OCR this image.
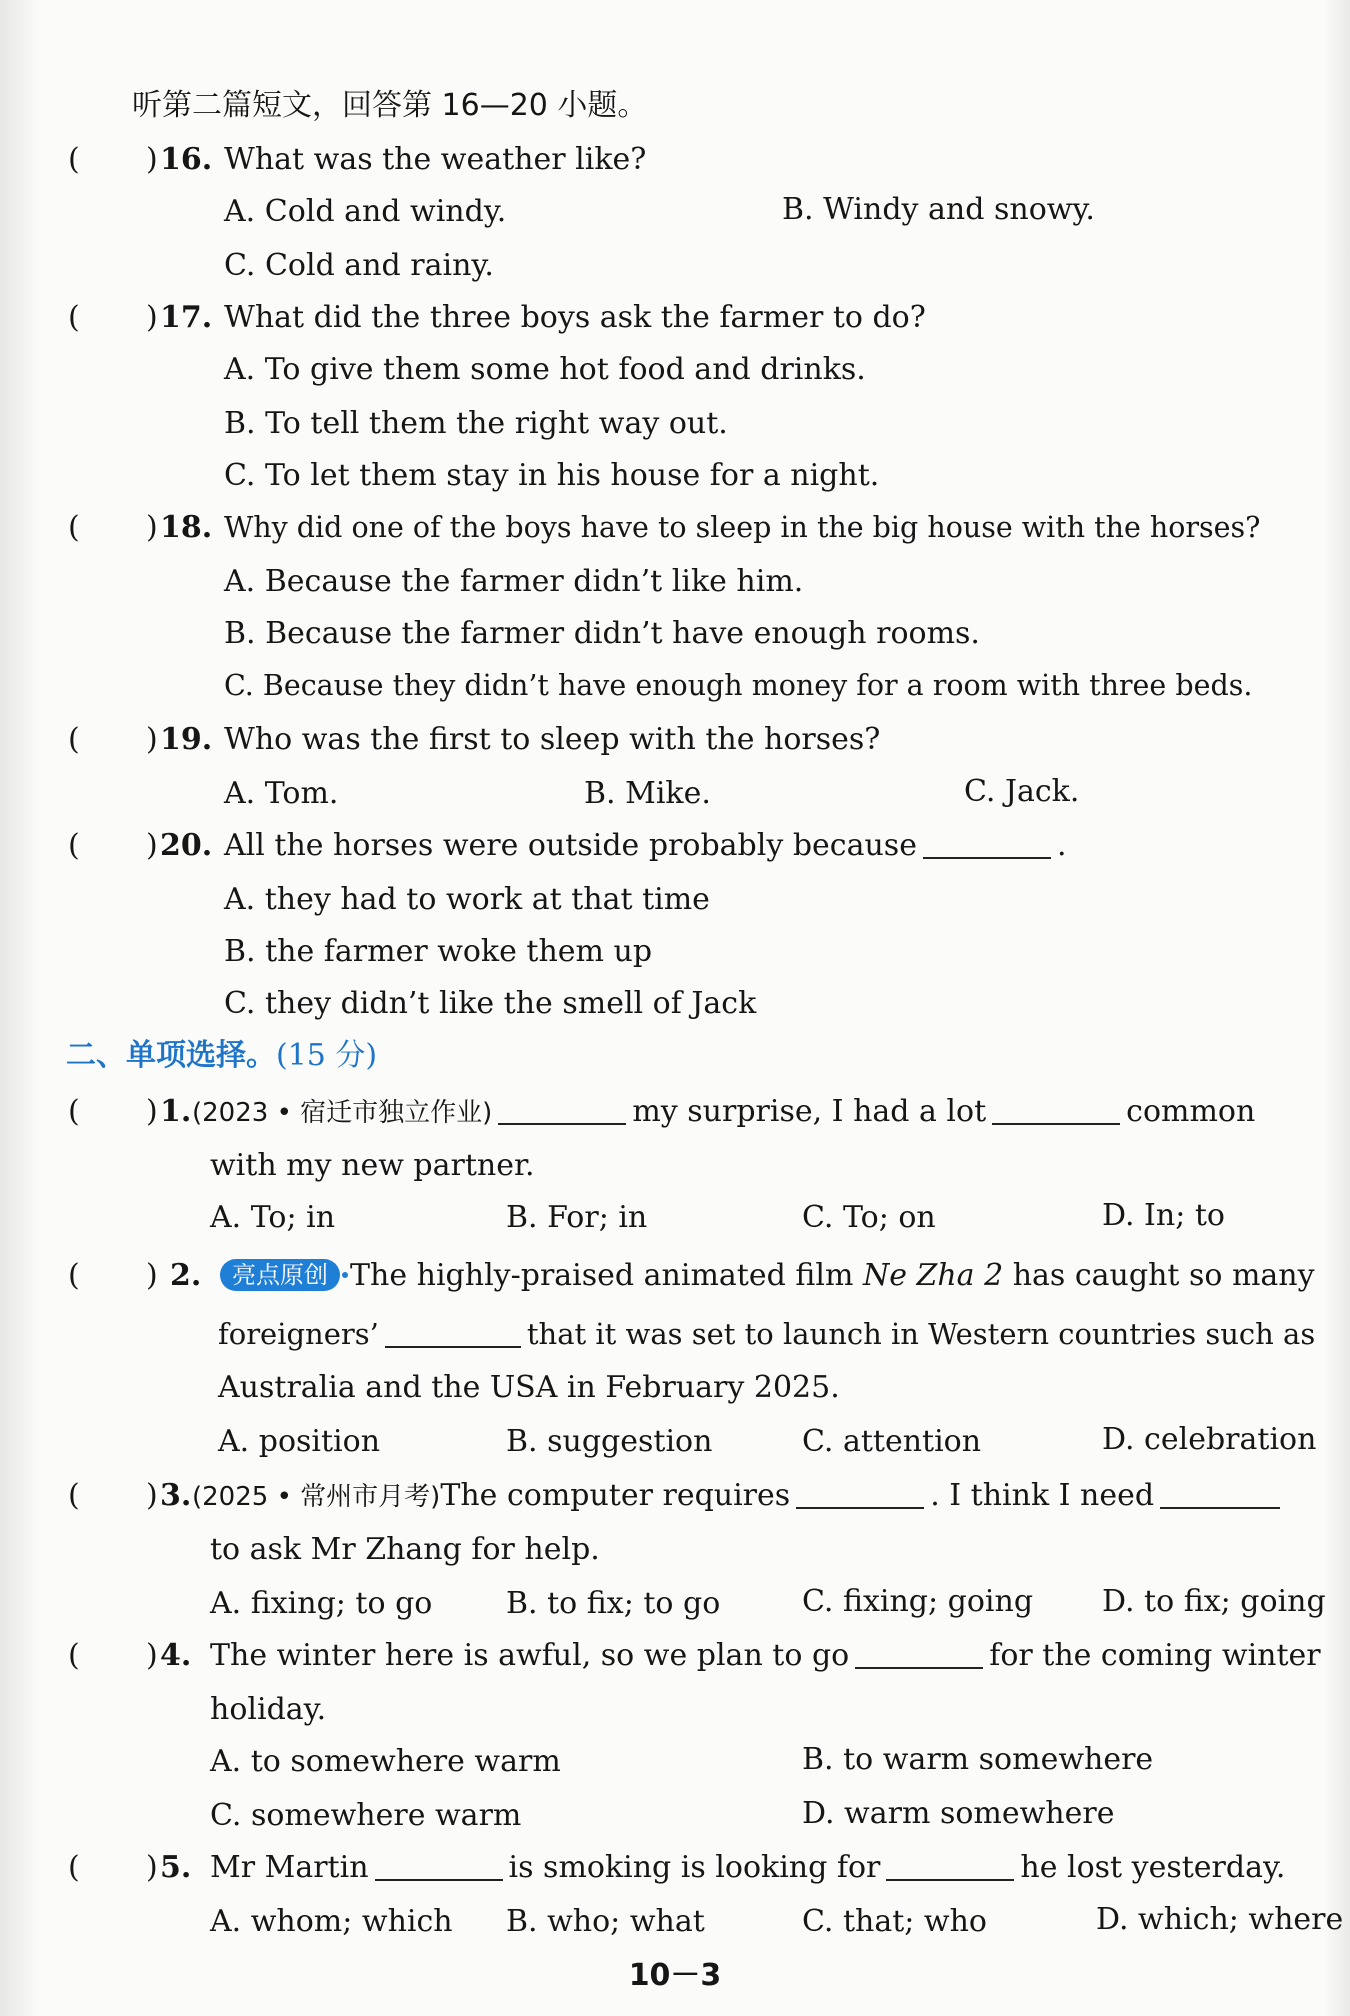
听第二篇短文，回答第 16—20 小题。
( ) 16. What was the weather like?
A. Cold and windy.	B. Windy and snowy.
C. Cold and rainy.
( ) 17. What did the three boys ask the farmer to do?
A. To give them some hot food and drinks.
B. To tell them the right way out.
C. To let them stay in his house for a night.
( ) 18. Why did one of the boys have to sleep in the big house with the horses?
A. Because the farmer didn’t like him.
B. Because the farmer didn’t have enough rooms.
C. Because they didn’t have enough money for a room with three beds.
( ) 19. Who was the first to sleep with the horses?
A. Tom.	B. Mike.	C. Jack.
( ) 20. All the horses were outside probably because	.
A. they had to work at that time
B. the farmer woke them up
C. they didn’t like the smell of Jack
二、单项选择。(15 分)
( ) 1. (2023 • 宿迁市独立作业)	my surprise, I had a lot	common
with my new partner.
A. To; in	B. For; in	C. To; on	D. In; to
( ) 2.	亮点原创 The highly-praised animated film Ne Zha 2 has caught so many
foreigners’	that it was set to launch in Western countries such as
Australia and the USA in February 2025.
A. position	B. suggestion	C. attention	D. celebration
( ) 3. (2025 • 常州市月考)The computer requires	. I think I need
to ask Mr Zhang for help.
A. fixing; to go B. to fix; to go	C. fixing; going D. to fix; going
( ) 4. The winter here is awful, so we plan to go	for the coming winter
holiday.
A. to somewhere warm	B. to warm somewhere
C. somewhere warm	D. warm somewhere
( ) 5. Mr Martin	is smoking is looking for	he lost yesterday.
A. whom; which B. who; what	C. that; who	D. which; where
10－3
